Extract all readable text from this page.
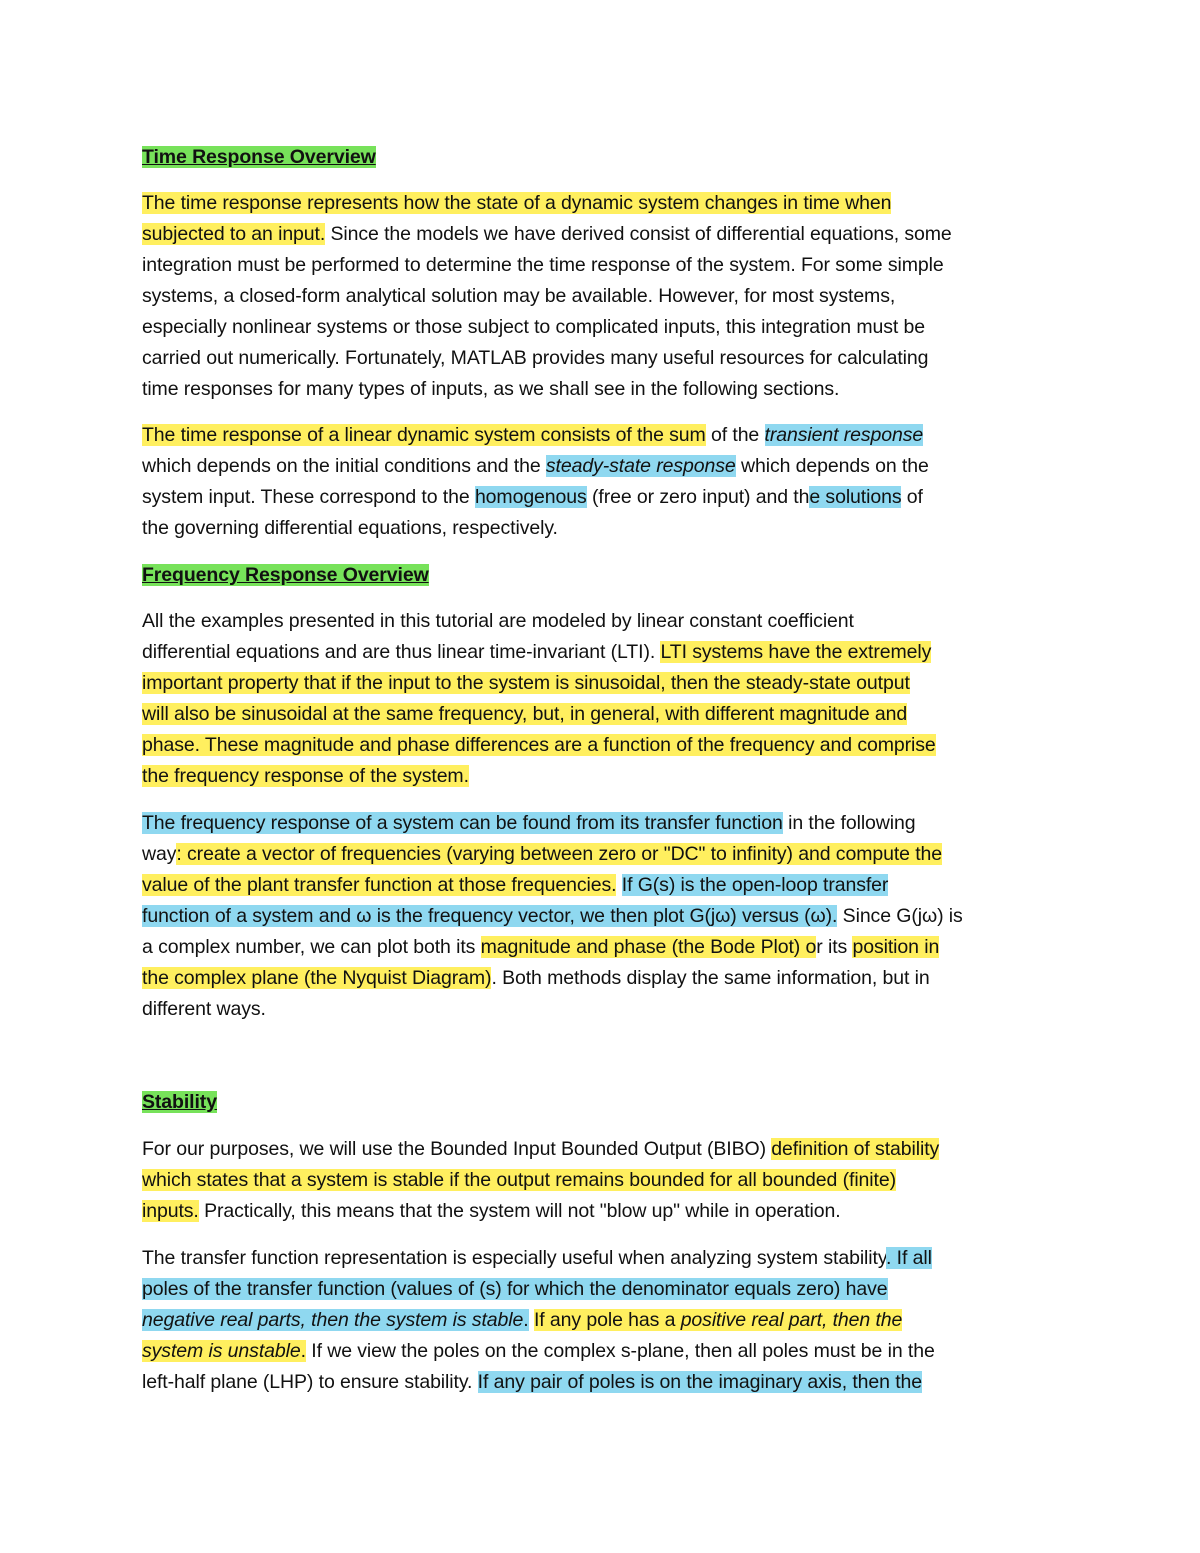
Time Response Overview
The time response represents how the state of a dynamic system changes in time when
subjected to an input. Since the models we have derived consist of differential equations, some
integration must be performed to determine the time response of the system. For some simple
systems, a closed-form analytical solution may be available. However, for most systems,
especially nonlinear systems or those subject to complicated inputs, this integration must be
carried out numerically. Fortunately, MATLAB provides many useful resources for calculating
time responses for many types of inputs, as we shall see in the following sections.
The time response of a linear dynamic system consists of the sum of the transient response
which depends on the initial conditions and the steady-state response which depends on the
system input. These correspond to the homogenous (free or zero input) and the solutions of
the governing differential equations, respectively.
Frequency Response Overview
All the examples presented in this tutorial are modeled by linear constant coefficient
differential equations and are thus linear time-invariant (LTI). LTI systems have the extremely
important property that if the input to the system is sinusoidal, then the steady-state output
will also be sinusoidal at the same frequency, but, in general, with different magnitude and
phase. These magnitude and phase differences are a function of the frequency and comprise
the frequency response of the system.
The frequency response of a system can be found from its transfer function in the following
way: create a vector of frequencies (varying between zero or "DC" to infinity) and compute the
value of the plant transfer function at those frequencies. If G(s) is the open-loop transfer
function of a system and ω is the frequency vector, we then plot G(jω) versus (ω). Since G(jω) is
a complex number, we can plot both its magnitude and phase (the Bode Plot) or its position in
the complex plane (the Nyquist Diagram). Both methods display the same information, but in
different ways.
Stability
For our purposes, we will use the Bounded Input Bounded Output (BIBO) definition of stability
which states that a system is stable if the output remains bounded for all bounded (finite)
inputs. Practically, this means that the system will not "blow up" while in operation.
The transfer function representation is especially useful when analyzing system stability. If all
poles of the transfer function (values of (s) for which the denominator equals zero) have
negative real parts, then the system is stable. If any pole has a positive real part, then the
system is unstable. If we view the poles on the complex s-plane, then all poles must be in the
left-half plane (LHP) to ensure stability. If any pair of poles is on the imaginary axis, then the
